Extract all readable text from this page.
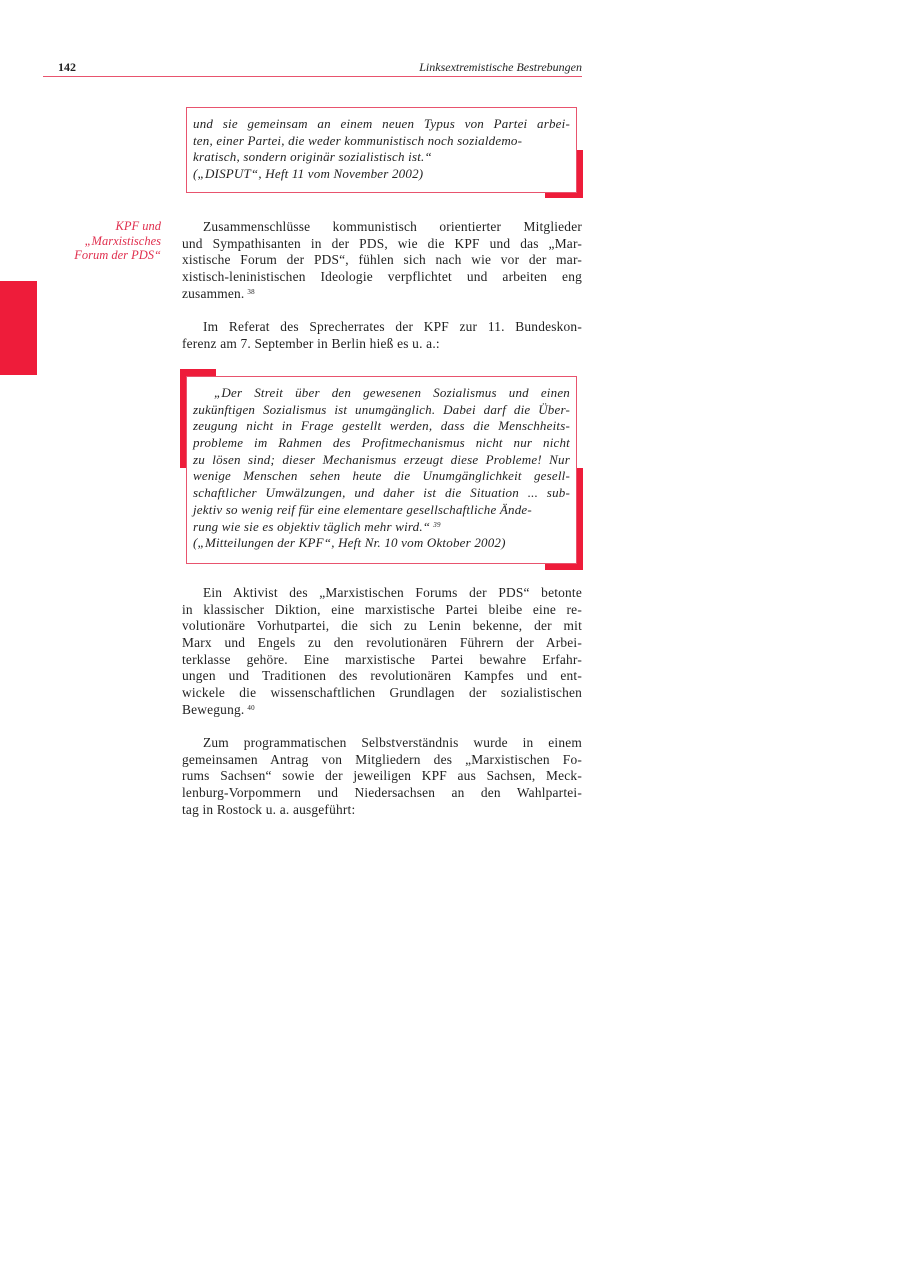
142	Linksextremistische Bestrebungen
KPF und
„Marxistisches
Forum der PDS“
und sie gemeinsam an einem neuen Typus von Partei arbei-
ten, einer Partei, die weder kommunistisch noch sozialdemo-
kratisch, sondern originär sozialistisch ist.“
(„DISPUT“, Heft 11 vom November 2002)
Zusammenschlüsse kommunistisch orientierter Mitglieder
und Sympathisanten in der PDS, wie die KPF und das „Mar-
xistische Forum der PDS“, fühlen sich nach wie vor der mar-
xistisch-leninistischen Ideologie verpflichtet und arbeiten eng
zusammen. $^{38}$
Im Referat des Sprecherrates der KPF zur 11. Bundeskon-
ferenz am 7. September in Berlin hieß es u. a.:
„Der Streit über den gewesenen Sozialismus und einen
zukünftigen Sozialismus ist unumgänglich. Dabei darf die Über-
zeugung nicht in Frage gestellt werden, dass die Menschheits-
probleme im Rahmen des Profitmechanismus nicht nur nicht
zu lösen sind; dieser Mechanismus erzeugt diese Probleme! Nur
wenige Menschen sehen heute die Unumgänglichkeit gesell-
schaftlicher Umwälzungen, und daher ist die Situation ... sub-
jektiv so wenig reif für eine elementare gesellschaftliche Ände-
rung wie sie es objektiv täglich mehr wird.“ $^{39}$
(„Mitteilungen der KPF“, Heft Nr. 10 vom Oktober 2002)
Ein Aktivist des „Marxistischen Forums der PDS“ betonte
in klassischer Diktion, eine marxistische Partei bleibe eine re-
volutionäre Vorhutpartei, die sich zu Lenin bekenne, der mit
Marx und Engels zu den revolutionären Führern der Arbei-
terklasse gehöre. Eine marxistische Partei bewahre Erfahr-
ungen und Traditionen des revolutionären Kampfes und ent-
wickele die wissenschaftlichen Grundlagen der sozialistischen
Bewegung. $^{40}$
Zum programmatischen Selbstverständnis wurde in einem
gemeinsamen Antrag von Mitgliedern des „Marxistischen Fo-
rums Sachsen“ sowie der jeweiligen KPF aus Sachsen, Meck-
lenburg-Vorpommern und Niedersachsen an den Wahlpartei-
tag in Rostock u. a. ausgeführt:
